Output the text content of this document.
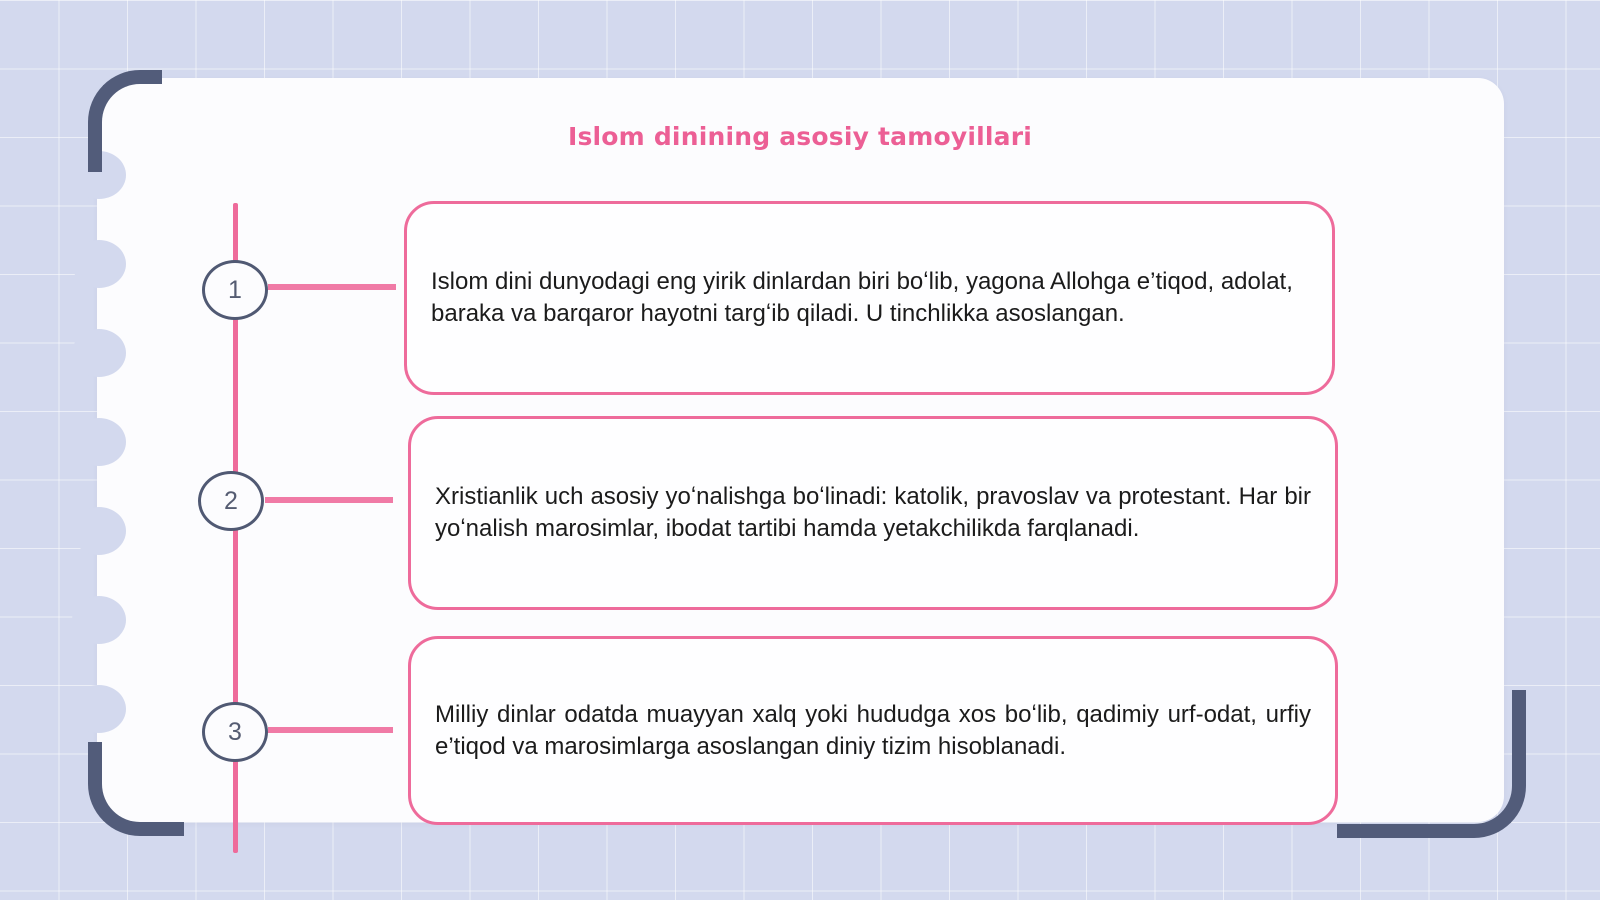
Islom dinining asosiy tamoyillari
1
2
3

Islom dini dunyodagi eng yirik dinlardan biri boʻlib, yagona Allohga e’tiqod, adolat, baraka va barqaror hayotni targʻib qiladi. U tinchlikka asoslangan.

Xristianlik uch asosiy yoʻnalishga boʻlinadi: katolik, pravoslav va protestant. Har bir yoʻnalish marosimlar, ibodat tartibi hamda yetakchilikda farqlanadi.

Milliy dinlar odatda muayyan xalq yoki hududga xos boʻlib, qadimiy urf-odat, urfiy e’tiqod va marosimlarga asoslangan diniy tizim hisoblanadi.
